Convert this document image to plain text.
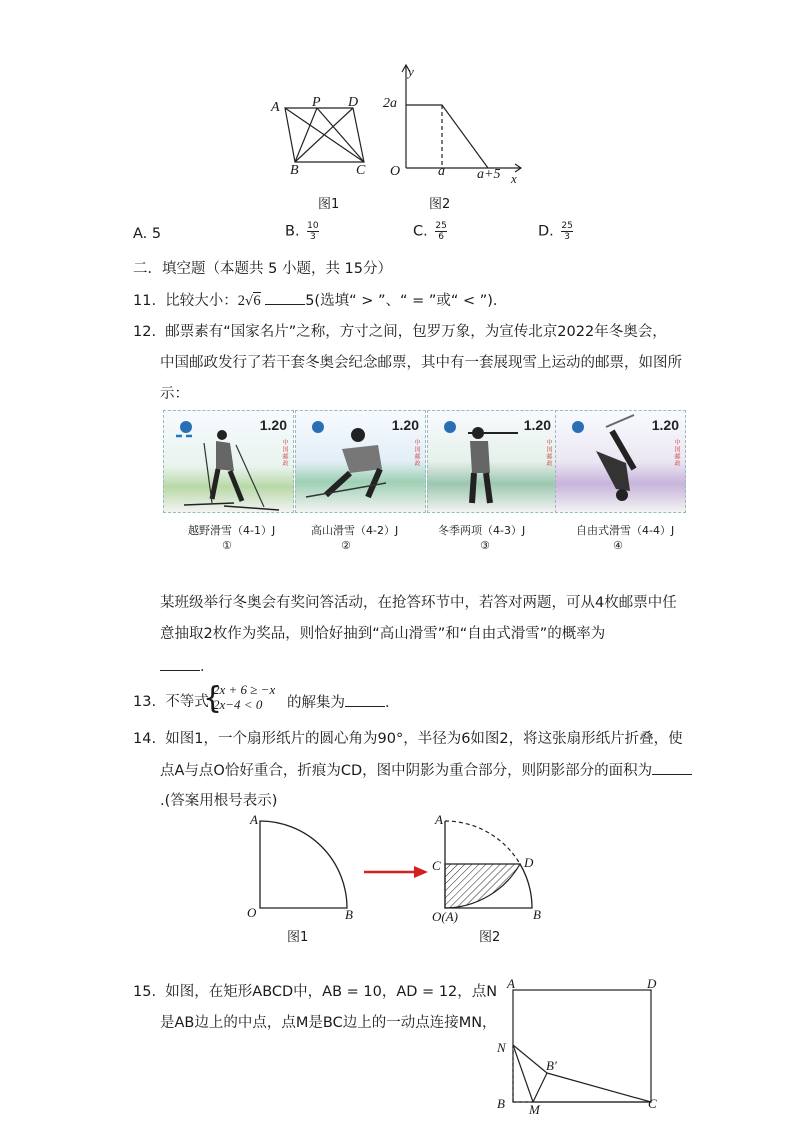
A P D
B	C
图1
y
x
O
2a
a a+5
图2
A. 5	B. $\frac{10}{3}$	C. $\frac{25}{6}$	D. $\frac{25}{3}$
二．填空题（本题共 5 小题，共 15分）
11. 比较大小：2√6	5(选填“ > ”、“ = ”或“ < ”)．
12. 邮票素有“国家名片”之称，方寸之间，包罗万象，为宣传北京2022年冬奥会，
中国邮政发行了若干套冬奥会纪念邮票，其中有一套展现雪上运动的邮票，如图所
示：
1.20
中国邮政
1.20
中国邮政
1.20
中国邮政
1.20
中国邮政
越野滑雪（4-1）J	高山滑雪（4-2）J	冬季两项（4-3）J	自由式滑雪（4-4）J
①	②	③	④
某班级举行冬奥会有奖问答活动，在抢答环节中，若答对两题，可从4枚邮票中任
意抽取2枚作为奖品，则恰好抽到“高山滑雪”和“自由式滑雪”的概率为
．
13. 不等式
{
2x + 6 ≥ −x
2x−4 < 0 的解集为	．
14. 如图1，一个扇形纸片的圆心角为90°，半径为6如图2，将这张扇形纸片折叠，使
点A与点O恰好重合，折痕为CD，图中阴影为重合部分，则阴影部分的面积为
.(答案用根号表示)
A
O	B
图1
A
C	D
O(A)	B
图2
15. 如图，在矩形ABCD中，AB = 10，AD = 12，点N
是AB边上的中点，点M是BC边上的一动点连接MN，
A	D
N
B′
B M	C
